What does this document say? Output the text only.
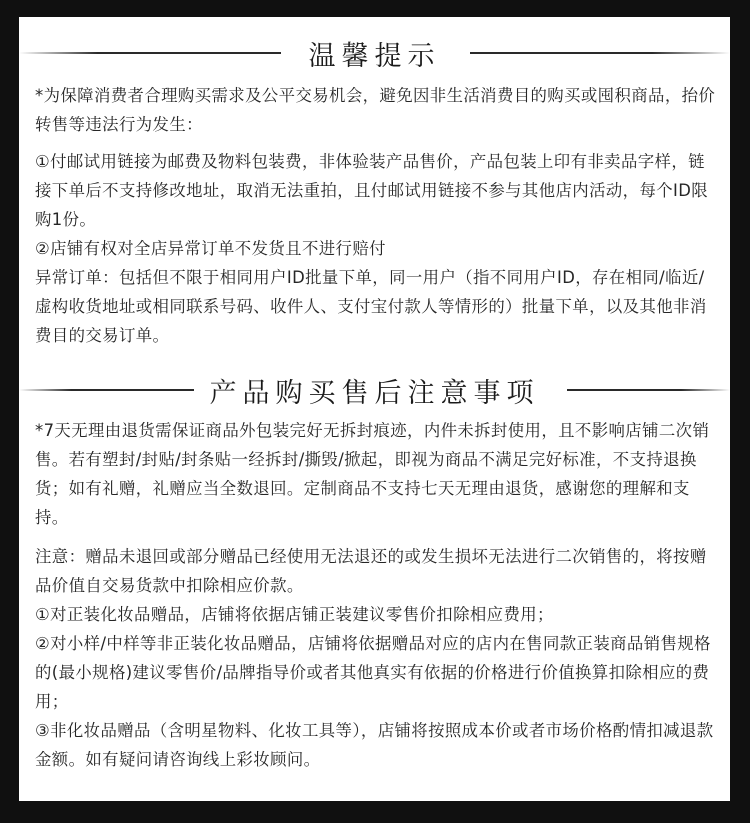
温馨提示

*为保障消费者合理购买需求及公平交易机会，避免因非生活消费目的购买或囤积商品，抬价转售等违法行为发生：

①付邮试用链接为邮费及物料包装费，非体验装产品售价，产品包装上印有非卖品字样，链接下单后不支持修改地址，取消无法重拍，且付邮试用链接不参与其他店内活动，每个ID限购1份。

②店铺有权对全店异常订单不发货且不进行赔付

异常订单：包括但不限于相同用户ID批量下单，同一用户（指不同用户ID，存在相同/临近/虚构收货地址或相同联系号码、收件人、支付宝付款人等情形的）批量下单，以及其他非消费目的交易订单。

产品购买售后注意事项

*7天无理由退货需保证商品外包装完好无拆封痕迹，内件未拆封使用，且不影响店铺二次销售。若有塑封/封贴/封条贴一经拆封/撕毁/掀起，即视为商品不满足完好标准，不支持退换货；如有礼赠，礼赠应当全数退回。定制商品不支持七天无理由退货，感谢您的理解和支持。

注意：赠品未退回或部分赠品已经使用无法退还的或发生损坏无法进行二次销售的，将按赠品价值自交易货款中扣除相应价款。

①对正装化妆品赠品，店铺将依据店铺正装建议零售价扣除相应费用；

②对小样/中样等非正装化妆品赠品，店铺将依据赠品对应的店内在售同款正装商品销售规格的(最小规格)建议零售价/品牌指导价或者其他真实有依据的价格进行价值换算扣除相应的费用；

③非化妆品赠品（含明星物料、化妆工具等），店铺将按照成本价或者市场价格酌情扣减退款金额。如有疑问请咨询线上彩妆顾问。
